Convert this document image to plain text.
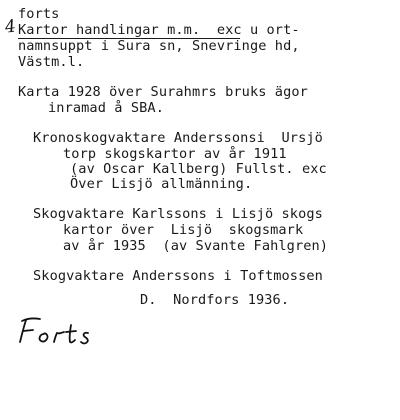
4
forts
Kartor handlingar m.m.  exc u ort-
namnsuppt i Sura sn, Snevringe hd,
Västm.l.
Karta 1928 över Surahmrs bruks ägor
inramad å SBA.
Kronoskogvaktare Anderssonsi  Ursjö
torp skogskartor av år 1911
(av Oscar Kallberg) Fullst. exc
Över Lisjö allmänning.
Skogvaktare Karlssons i Lisjö skogs
kartor över  Lisjö  skogsmark
av år 1935  (av Svante Fahlgren)
Skogvaktare Anderssons i Toftmossen
D.  Nordfors 1936.
